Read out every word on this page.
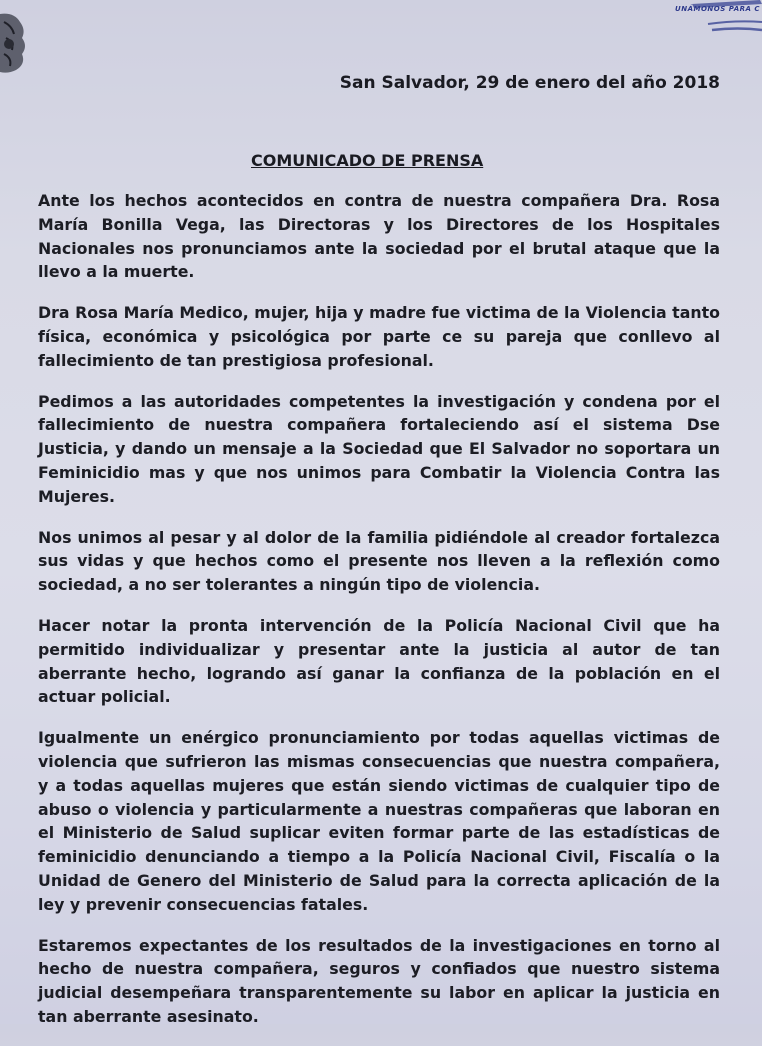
UNÁMONOS PARA C
San Salvador, 29 de enero del año 2018
COMUNICADO DE PRENSA

Ante los hechos acontecidos en contra de nuestra compañera Dra. Rosa María Bonilla Vega, las Directoras y los Directores de los Hospitales Nacionales nos pronunciamos ante la sociedad por el brutal ataque que la llevo a la muerte.

Dra Rosa María Medico, mujer, hija y madre fue victima de la Violencia tanto física, económica y psicológica por parte ce su pareja que conllevo al fallecimiento de tan prestigiosa profesional.

Pedimos a las autoridades competentes la investigación y condena por el fallecimiento de nuestra compañera fortaleciendo así el sistema Dse Justicia, y dando un mensaje a la Sociedad que El Salvador no soportara un Feminicidio mas y que nos unimos para Combatir la Violencia Contra las Mujeres.

Nos unimos al pesar y al dolor de la familia pidiéndole al creador fortalezca sus vidas y que hechos como el presente nos lleven a la reflexión como sociedad, a no ser tolerantes a ningún tipo de violencia.

Hacer notar la pronta intervención de la Policía Nacional Civil que ha permitido individualizar y presentar ante la justicia al autor de tan aberrante hecho, logrando así ganar la confianza de la población en el actuar policial.

Igualmente un enérgico pronunciamiento por todas aquellas victimas de violencia que sufrieron las mismas consecuencias que nuestra compañera, y a todas aquellas mujeres que están siendo victimas de cualquier tipo de abuso o violencia y particularmente a nuestras compañeras que laboran en el Ministerio de Salud suplicar eviten formar parte de las estadísticas de feminicidio denunciando a tiempo a la Policía Nacional Civil, Fiscalía o la Unidad de Genero del Ministerio de Salud para la correcta aplicación de la ley y prevenir consecuencias fatales.

Estaremos expectantes de los resultados de la investigaciones en torno al hecho de nuestra compañera, seguros y confiados que nuestro sistema judicial desempeñara transparentemente su labor en aplicar la justicia en tan aberrante asesinato.
